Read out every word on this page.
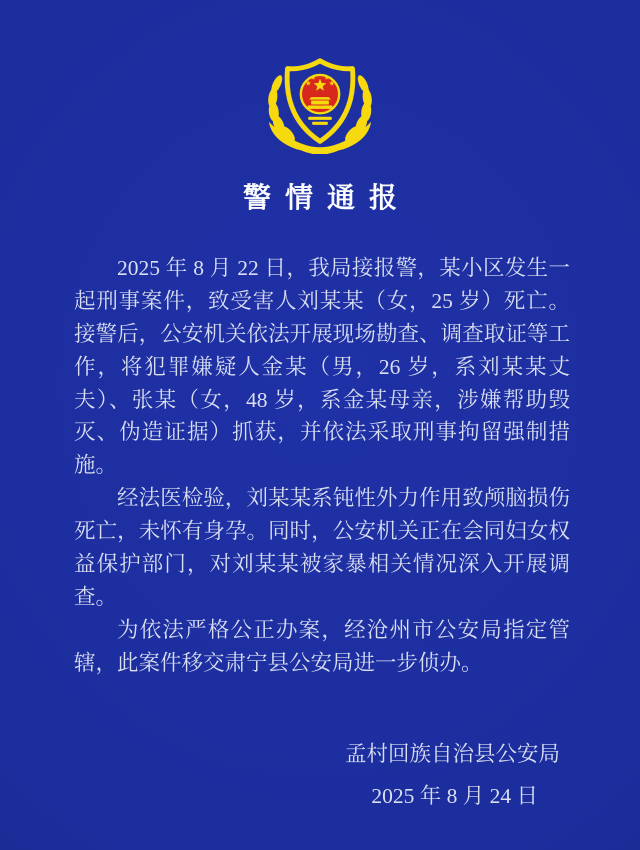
警情通报

2025 年 8 月 22 日，我局接报警，某小区发生一起刑事案件，致受害人刘某某（女，25 岁）死亡。接警后，公安机关依法开展现场勘查、调查取证等工作，将犯罪嫌疑人金某（男，26 岁，系刘某某丈夫）、张某（女，48 岁，系金某母亲，涉嫌帮助毁灭、伪造证据）抓获，并依法采取刑事拘留强制措施。

经法医检验，刘某某系钝性外力作用致颅脑损伤死亡，未怀有身孕。同时，公安机关正在会同妇女权益保护部门，对刘某某被家暴相关情况深入开展调查。

为依法严格公正办案，经沧州市公安局指定管辖，此案件移交肃宁县公安局进一步侦办。

孟村回族自治县公安局
2025 年 8 月 24 日
